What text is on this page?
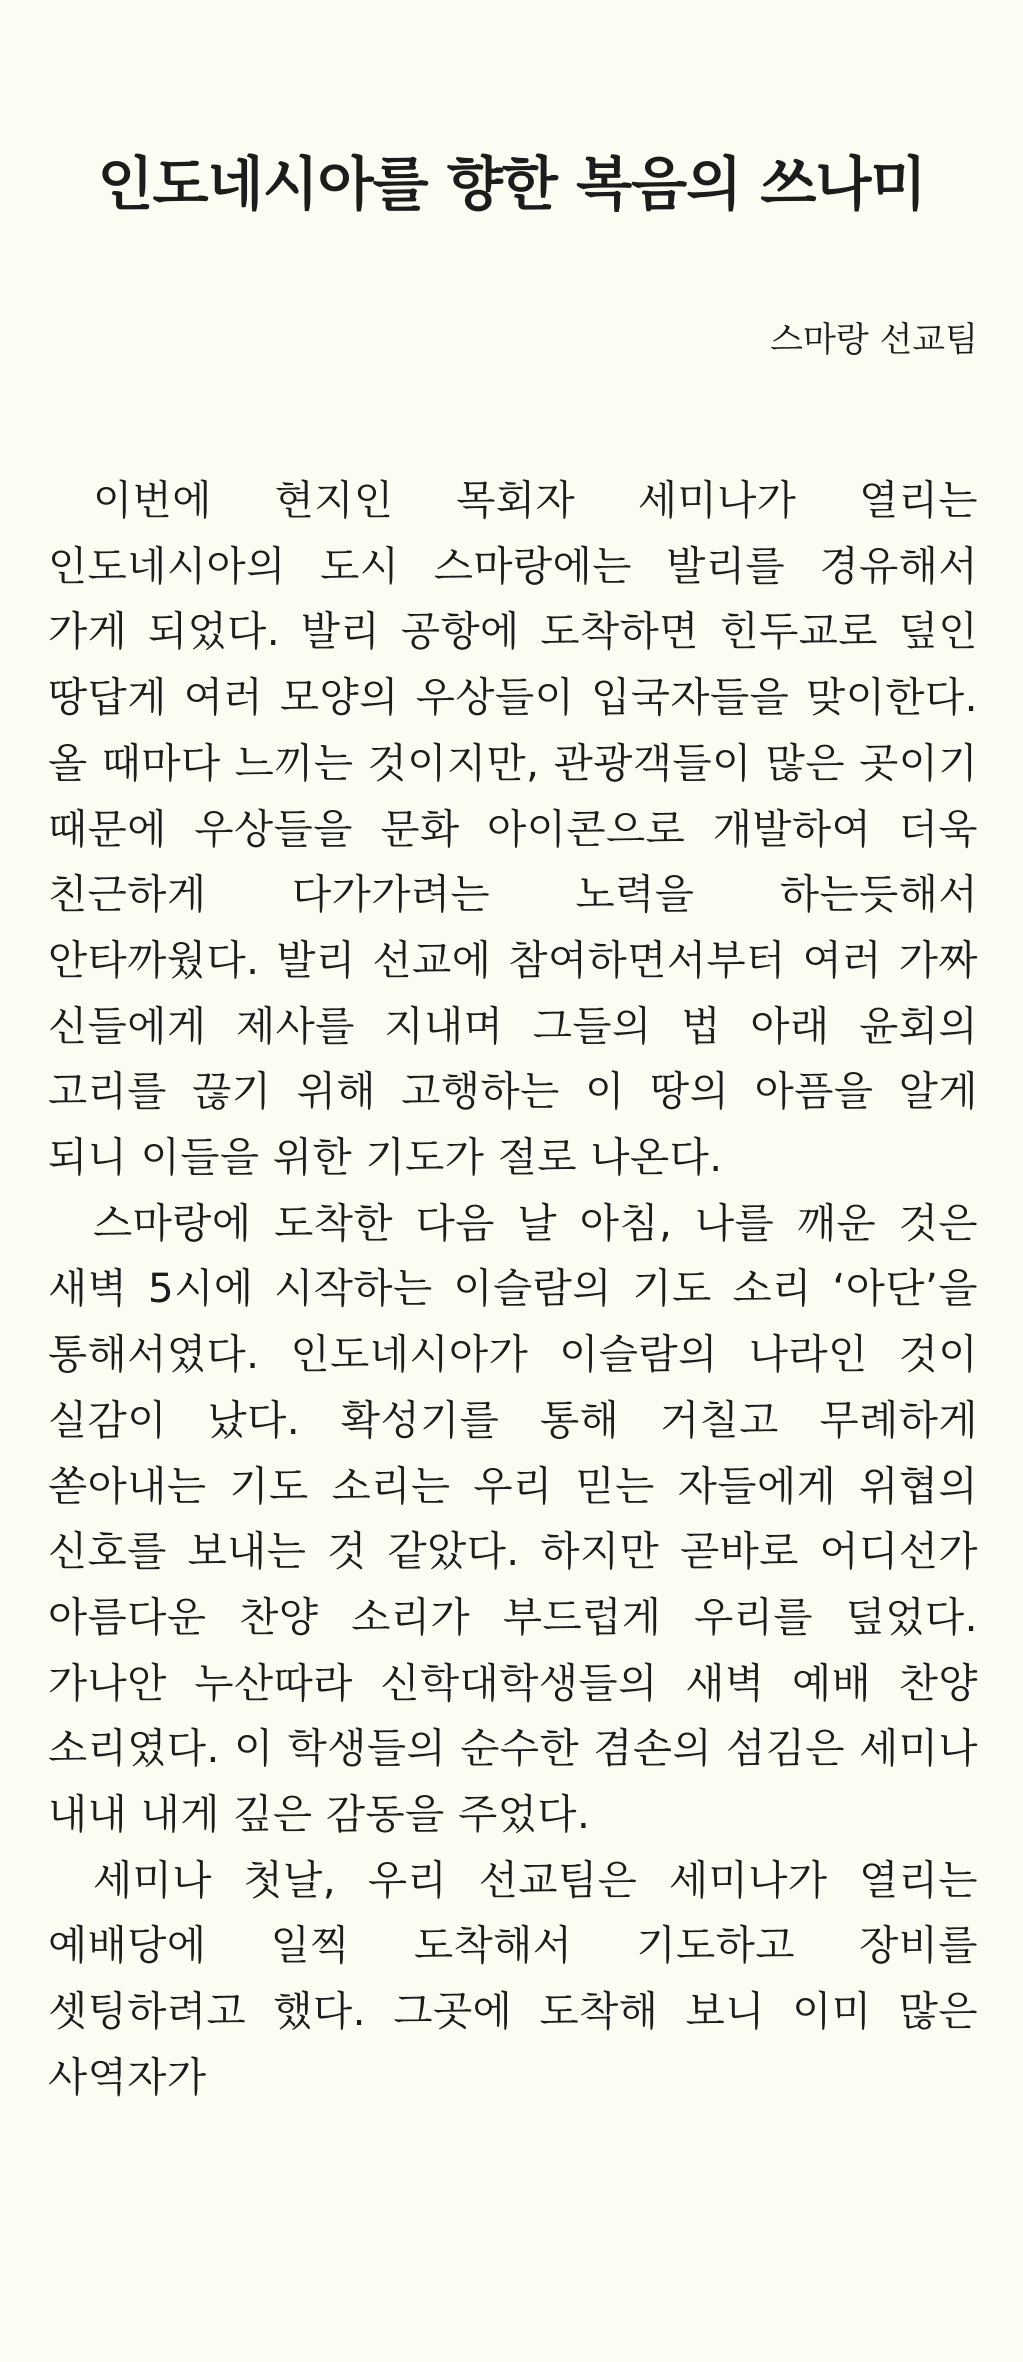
인도네시아를 향한 복음의 쓰나미
스마랑 선교팀

이번에 현지인 목회자 세미나가 열리는 인도네시아의 도시 스마랑에는 발리를 경유해서 가게 되었다. 발리 공항에 도착하면 힌두교로 덮인 땅답게 여러 모양의 우상들이 입국자들을 맞이한다. 올 때마다 느끼는 것이지만, 관광객들이 많은 곳이기 때문에 우상들을 문화 아이콘으로 개발하여 더욱 친근하게 다가가려는 노력을 하는듯해서 안타까웠다. 발리 선교에 참여하면서부터 여러 가짜 신들에게 제사를 지내며 그들의 법 아래 윤회의 고리를 끊기 위해 고행하는 이 땅의 아픔을 알게 되니 이들을 위한 기도가 절로 나온다.

스마랑에 도착한 다음 날 아침, 나를 깨운 것은 새벽 5시에 시작하는 이슬람의 기도 소리 ‘아단’을 통해서였다. 인도네시아가 이슬람의 나라인 것이 실감이 났다. 확성기를 통해 거칠고 무례하게 쏟아내는 기도 소리는 우리 믿는 자들에게 위협의 신호를 보내는 것 같았다. 하지만 곧바로 어디선가 아름다운 찬양 소리가 부드럽게 우리를 덮었다. 가나안 누산따라 신학대학생들의 새벽 예배 찬양 소리였다. 이 학생들의 순수한 겸손의 섬김은 세미나 내내 내게 깊은 감동을 주었다.

세미나 첫날, 우리 선교팀은 세미나가 열리는 예배당에 일찍 도착해서 기도하고 장비를 셋팅하려고 했다. 그곳에 도착해 보니 이미 많은 사역자가
